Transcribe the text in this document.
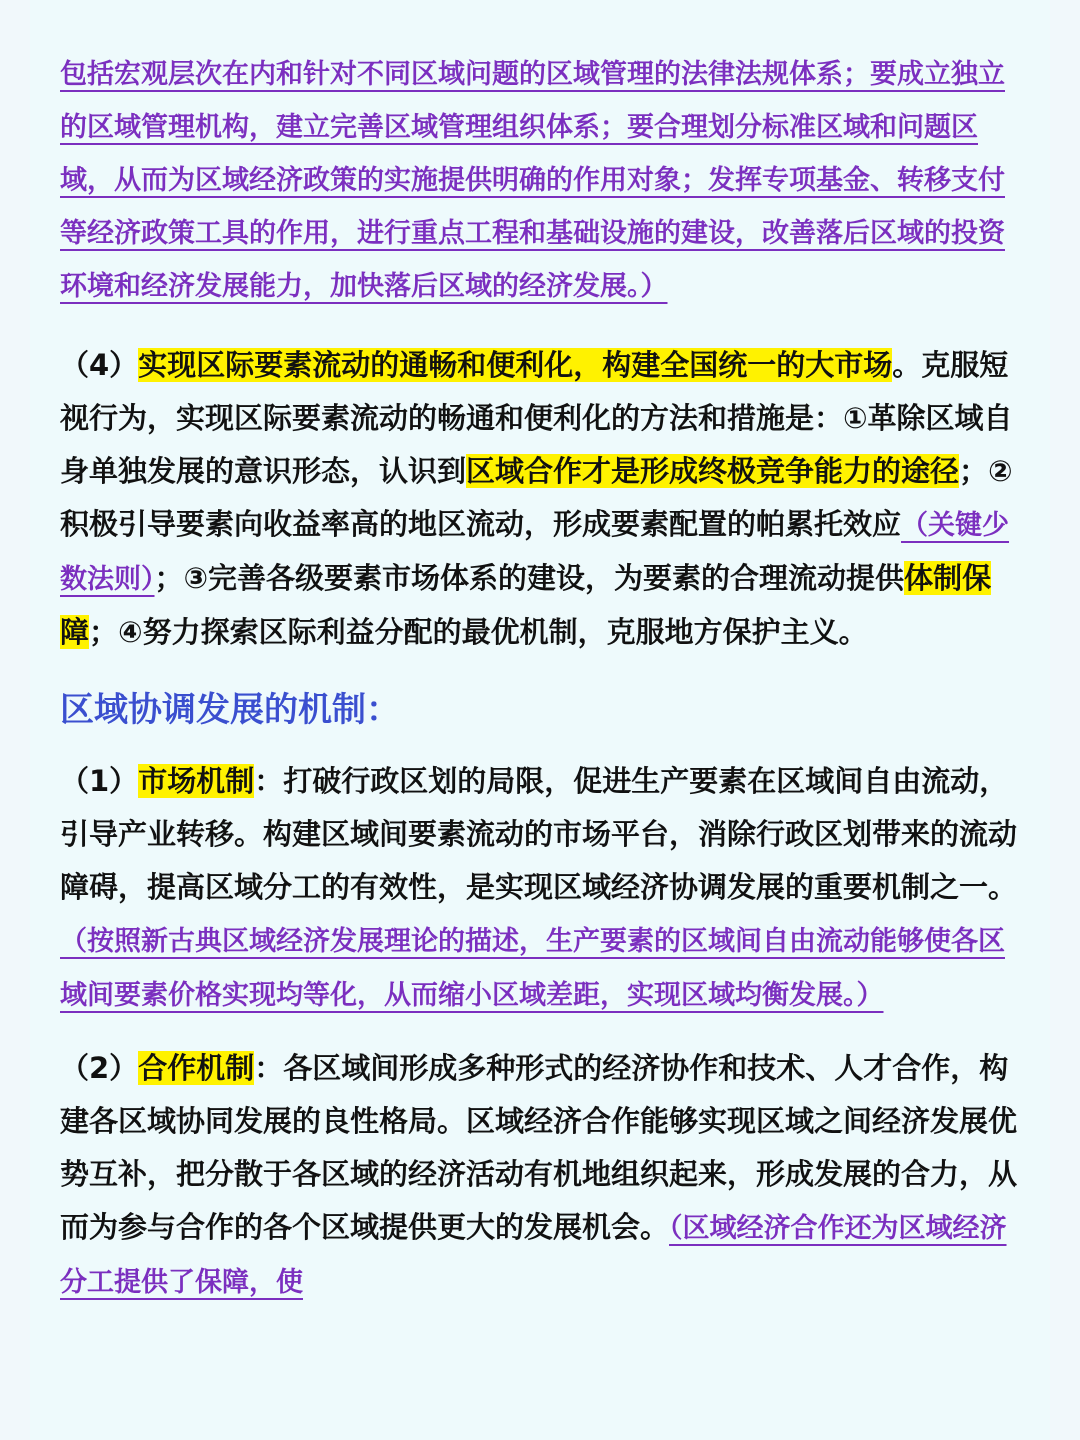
包括宏观层次在内和针对不同区域问题的区域管理的法律法规体系；要成立独立的区域管理机构，建立完善区域管理组织体系；要合理划分标准区域和问题区域，从而为区域经济政策的实施提供明确的作用对象；发挥专项基金、转移支付等经济政策工具的作用，进行重点工程和基础设施的建设，改善落后区域的投资环境和经济发展能力，加快落后区域的经济发展。）

（4）实现区际要素流动的通畅和便利化，构建全国统一的大市场。克服短视行为，实现区际要素流动的畅通和便利化的方法和措施是：①革除区域自身单独发展的意识形态，认识到区域合作才是形成终极竞争能力的途径；②积极引导要素向收益率高的地区流动，形成要素配置的帕累托效应（关键少数法则）；③完善各级要素市场体系的建设，为要素的合理流动提供体制保障；④努力探索区际利益分配的最优机制，克服地方保护主义。

区域协调发展的机制：

（1）市场机制：打破行政区划的局限，促进生产要素在区域间自由流动，引导产业转移。构建区域间要素流动的市场平台，消除行政区划带来的流动障碍，提高区域分工的有效性，是实现区域经济协调发展的重要机制之一。（按照新古典区域经济发展理论的描述，生产要素的区域间自由流动能够使各区域间要素价格实现均等化，从而缩小区域差距，实现区域均衡发展。）

（2）合作机制：各区域间形成多种形式的经济协作和技术、人才合作，构建各区域协同发展的良性格局。区域经济合作能够实现区域之间经济发展优势互补，把分散于各区域的经济活动有机地组织起来，形成发展的合力，从而为参与合作的各个区域提供更大的发展机会。（区域经济合作还为区域经济分工提供了保障，使
